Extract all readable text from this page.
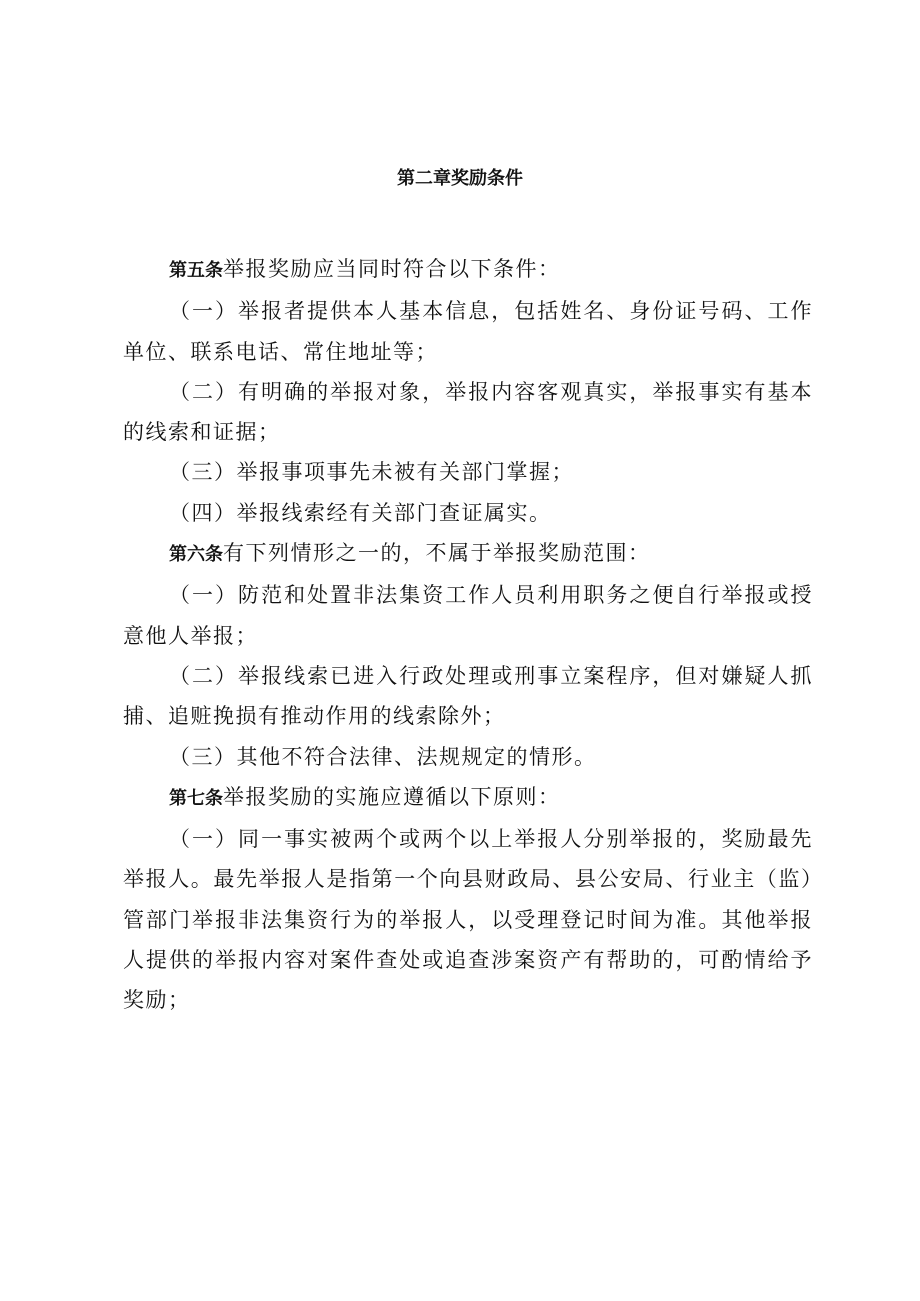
第二章奖励条件

第五条举报奖励应当同时符合以下条件：

（一）举报者提供本人基本信息，包括姓名、身份证号码、工作单位、联系电话、常住地址等；

（二）有明确的举报对象，举报内容客观真实，举报事实有基本的线索和证据；

（三）举报事项事先未被有关部门掌握；

（四）举报线索经有关部门查证属实。

第六条有下列情形之一的，不属于举报奖励范围：

（一）防范和处置非法集资工作人员利用职务之便自行举报或授意他人举报；

（二）举报线索已进入行政处理或刑事立案程序，但对嫌疑人抓捕、追赃挽损有推动作用的线索除外；

（三）其他不符合法律、法规规定的情形。

第七条举报奖励的实施应遵循以下原则：

（一）同一事实被两个或两个以上举报人分别举报的，奖励最先举报人。最先举报人是指第一个向县财政局、县公安局、行业主（监）管部门举报非法集资行为的举报人，以受理登记时间为准。其他举报人提供的举报内容对案件查处或追查涉案资产有帮助的，可酌情给予奖励；
